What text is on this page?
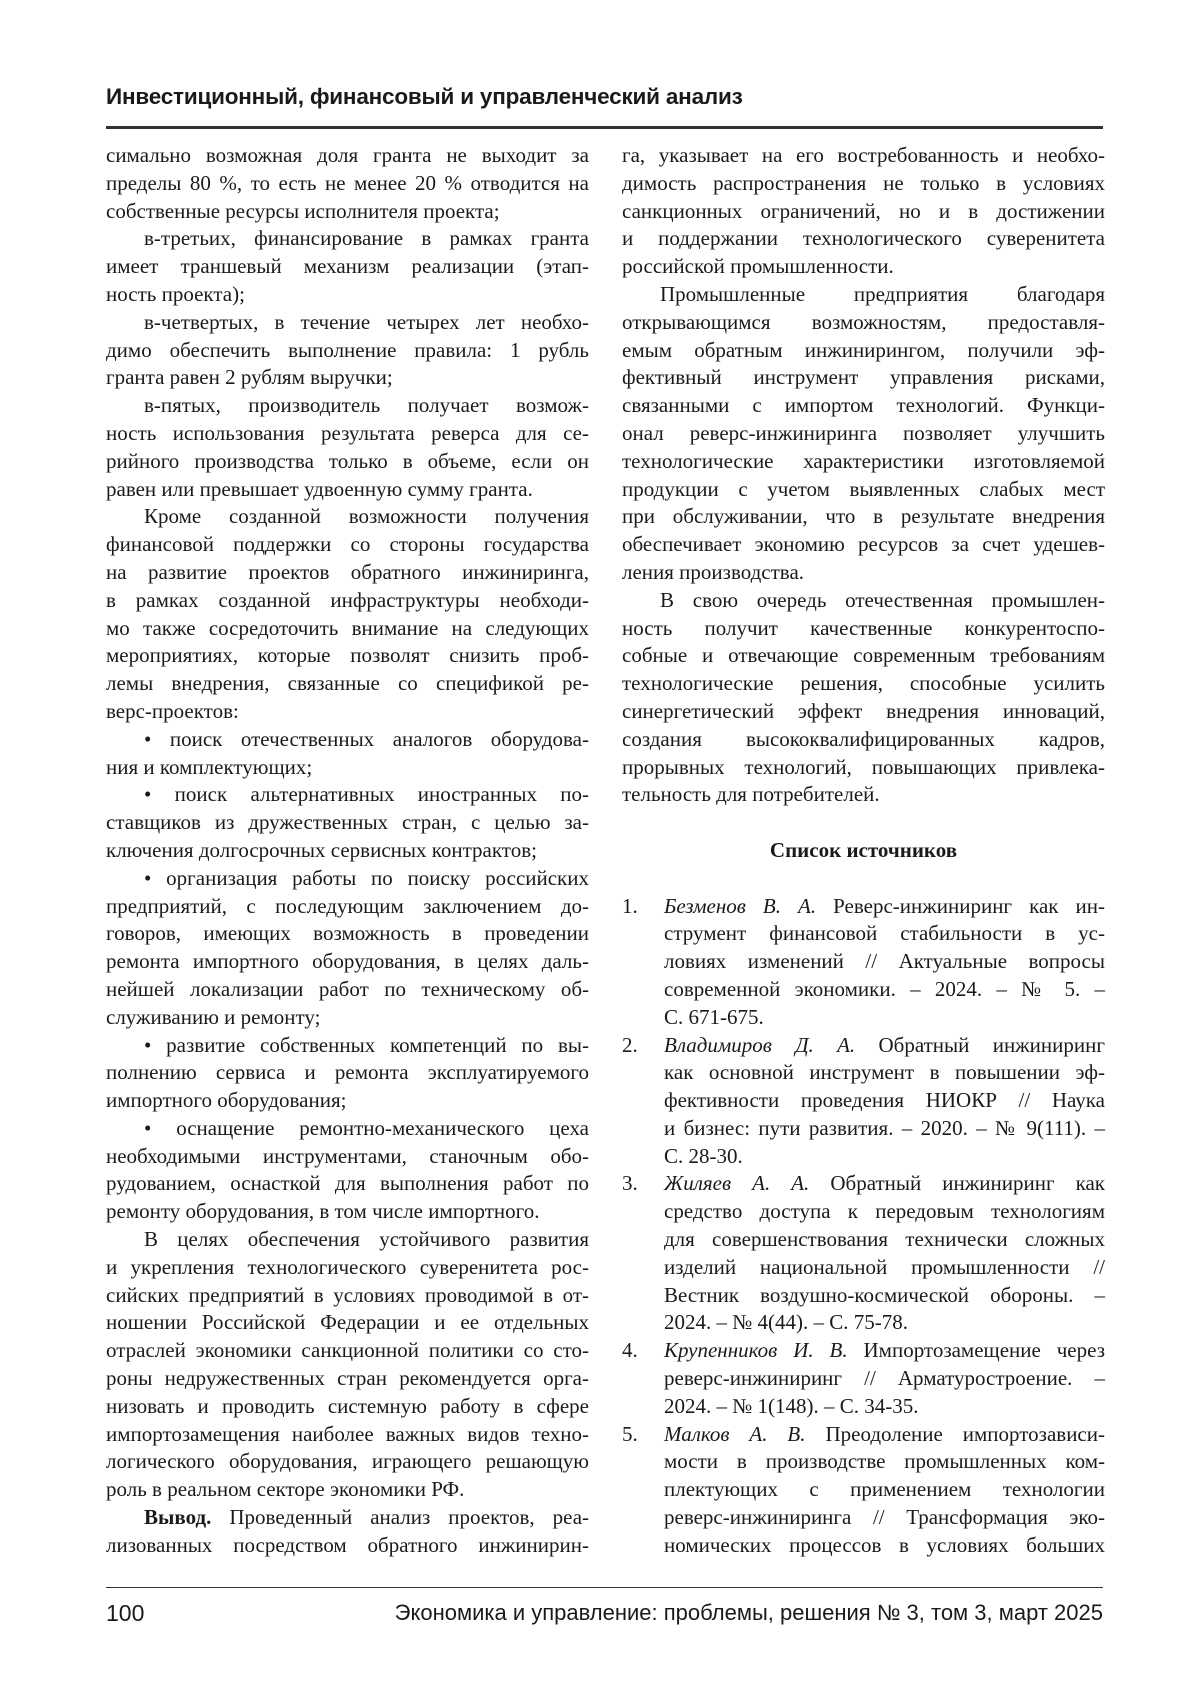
Инвестиционный, финансовый и управленческий анализ
симально возможная доля гранта не выходит за
пределы 80 %, то есть не менее 20 % отводится на
собственные ресурсы исполнителя проекта;
в-третьих, финансирование в рамках гранта
имеет траншевый механизм реализации (этап-
ность проекта);
в-четвертых, в течение четырех лет необхо-
димо обеспечить выполнение правила: 1 рубль
гранта равен 2 рублям выручки;
в-пятых, производитель получает возмож-
ность использования результата реверса для се-
рийного производства только в объеме, если он
равен или превышает удвоенную сумму гранта.
Кроме созданной возможности получения
финансовой поддержки со стороны государства
на развитие проектов обратного инжиниринга,
в рамках созданной инфраструктуры необходи-
мо также сосредоточить внимание на следующих
мероприятиях, которые позволят снизить проб-
лемы внедрения, связанные со спецификой ре-
верс-проектов:
• поиск отечественных аналогов оборудова-
ния и комплектующих;
• поиск альтернативных иностранных по-
ставщиков из дружественных стран, с целью за-
ключения долгосрочных сервисных контрактов;
• организация работы по поиску российских
предприятий, с последующим заключением до-
говоров, имеющих возможность в проведении
ремонта импортного оборудования, в целях даль-
нейшей локализации работ по техническому об-
служиванию и ремонту;
• развитие собственных компетенций по вы-
полнению сервиса и ремонта эксплуатируемого
импортного оборудования;
• оснащение ремонтно-механического цеха
необходимыми инструментами, станочным обо-
рудованием, оснасткой для выполнения работ по
ремонту оборудования, в том числе импортного.
В целях обеспечения устойчивого развития
и укрепления технологического суверенитета рос-
сийских предприятий в условиях проводимой в от-
ношении Российской Федерации и ее отдельных
отраслей экономики санкционной политики со сто-
роны недружественных стран рекомендуется орга-
низовать и проводить системную работу в сфере
импортозамещения наиболее важных видов техно-
логического оборудования, играющего решающую
роль в реальном секторе экономики РФ.
Вывод. Проведенный анализ проектов, реа-
лизованных посредством обратного инжинирин-
га, указывает на его востребованность и необхо-
димость распространения не только в условиях
санкционных ограничений, но и в достижении
и поддержании технологического суверенитета
российской промышленности.
Промышленные предприятия благодаря
открывающимся возможностям, предоставля-
емым обратным инжинирингом, получили эф-
фективный инструмент управления рисками,
связанными с импортом технологий. Функци-
онал реверс-инжиниринга позволяет улучшить
технологические характеристики изготовляемой
продукции с учетом выявленных слабых мест
при обслуживании, что в результате внедрения
обеспечивает экономию ресурсов за счет удешев-
ления производства.
В свою очередь отечественная промышлен-
ность получит качественные конкурентоспо-
собные и отвечающие современным требованиям
технологические решения, способные усилить
синергетический эффект внедрения инноваций,
создания высококвалифицированных кадров,
прорывных технологий, повышающих привлека-
тельность для потребителей.
Список источников
1. Безменов В. А. Реверс-инжиниринг как ин-
струмент финансовой стабильности в ус-
ловиях изменений // Актуальные вопросы
современной экономики. – 2024. – № 5. –
С. 671-675.
2. Владимиров Д. А. Обратный инжиниринг
как основной инструмент в повышении эф-
фективности проведения НИОКР // Наука
и бизнес: пути развития. – 2020. – № 9(111). –
С. 28-30.
3. Жиляев А. А. Обратный инжиниринг как
средство доступа к передовым технологиям
для совершенствования технически сложных
изделий национальной промышленности //
Вестник воздушно-космической обороны. –
2024. – № 4(44). – С. 75-78.
4. Крупенников И. В. Импортозамещение через
реверс-инжиниринг // Арматуростроение. –
2024. – № 1(148). – С. 34-35.
5. Малков А. В. Преодоление импортозависи-
мости в производстве промышленных ком-
плектующих с применением технологии
реверс-инжиниринга // Трансформация эко-
номических процессов в условиях больших
100	Экономика и управление: проблемы, решения № 3, том 3, март 2025
